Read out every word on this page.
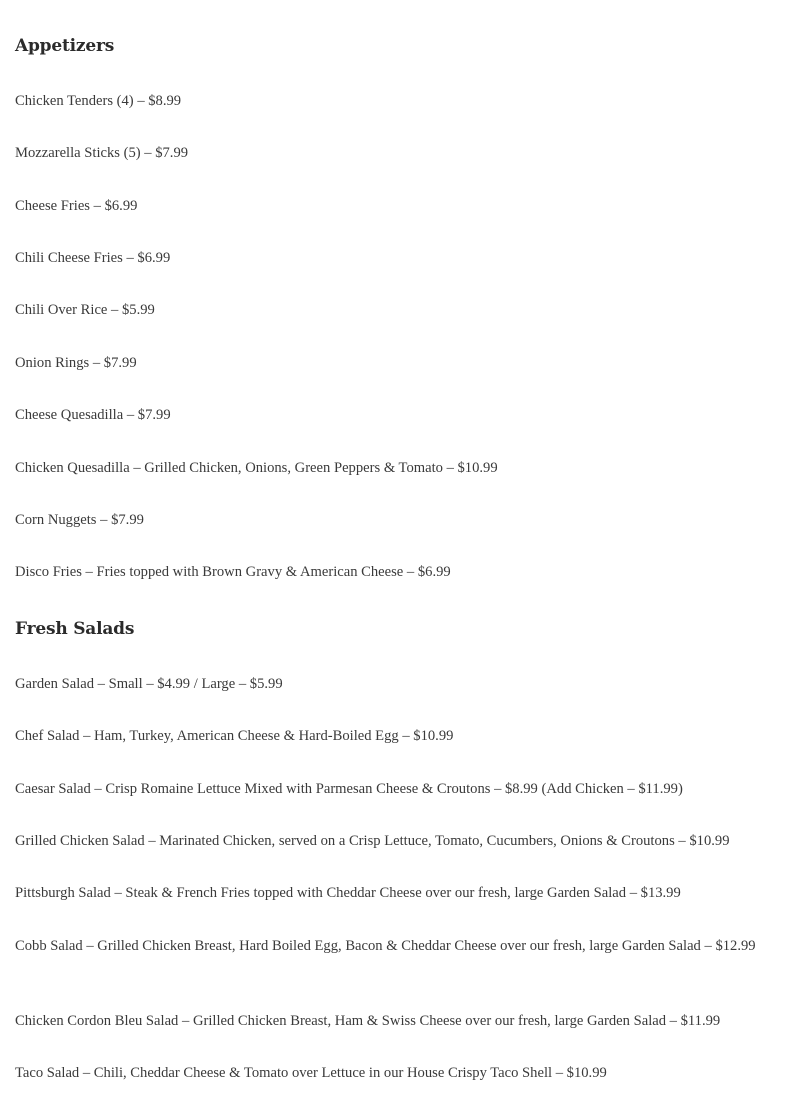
Appetizers

Chicken Tenders (4) – $8.99

Mozzarella Sticks (5) – $7.99

Cheese Fries – $6.99

Chili Cheese Fries – $6.99

Chili Over Rice – $5.99

Onion Rings – $7.99

Cheese Quesadilla – $7.99

Chicken Quesadilla – Grilled Chicken, Onions, Green Peppers & Tomato – $10.99

Corn Nuggets – $7.99

Disco Fries – Fries topped with Brown Gravy & American Cheese – $6.99

Fresh Salads

Garden Salad – Small – $4.99 / Large – $5.99

Chef Salad – Ham, Turkey, American Cheese & Hard-Boiled Egg – $10.99

Caesar Salad – Crisp Romaine Lettuce Mixed with Parmesan Cheese & Croutons – $8.99 (Add Chicken – $11.99)

Grilled Chicken Salad – Marinated Chicken, served on a Crisp Lettuce, Tomato, Cucumbers, Onions & Croutons – $10.99

Pittsburgh Salad – Steak & French Fries topped with Cheddar Cheese over our fresh, large Garden Salad – $13.99

Cobb Salad – Grilled Chicken Breast, Hard Boiled Egg, Bacon & Cheddar Cheese over our fresh, large Garden Salad – $12.99

Chicken Cordon Bleu Salad – Grilled Chicken Breast, Ham & Swiss Cheese over our fresh, large Garden Salad – $11.99

Taco Salad – Chili, Cheddar Cheese & Tomato over Lettuce in our House Crispy Taco Shell – $10.99
